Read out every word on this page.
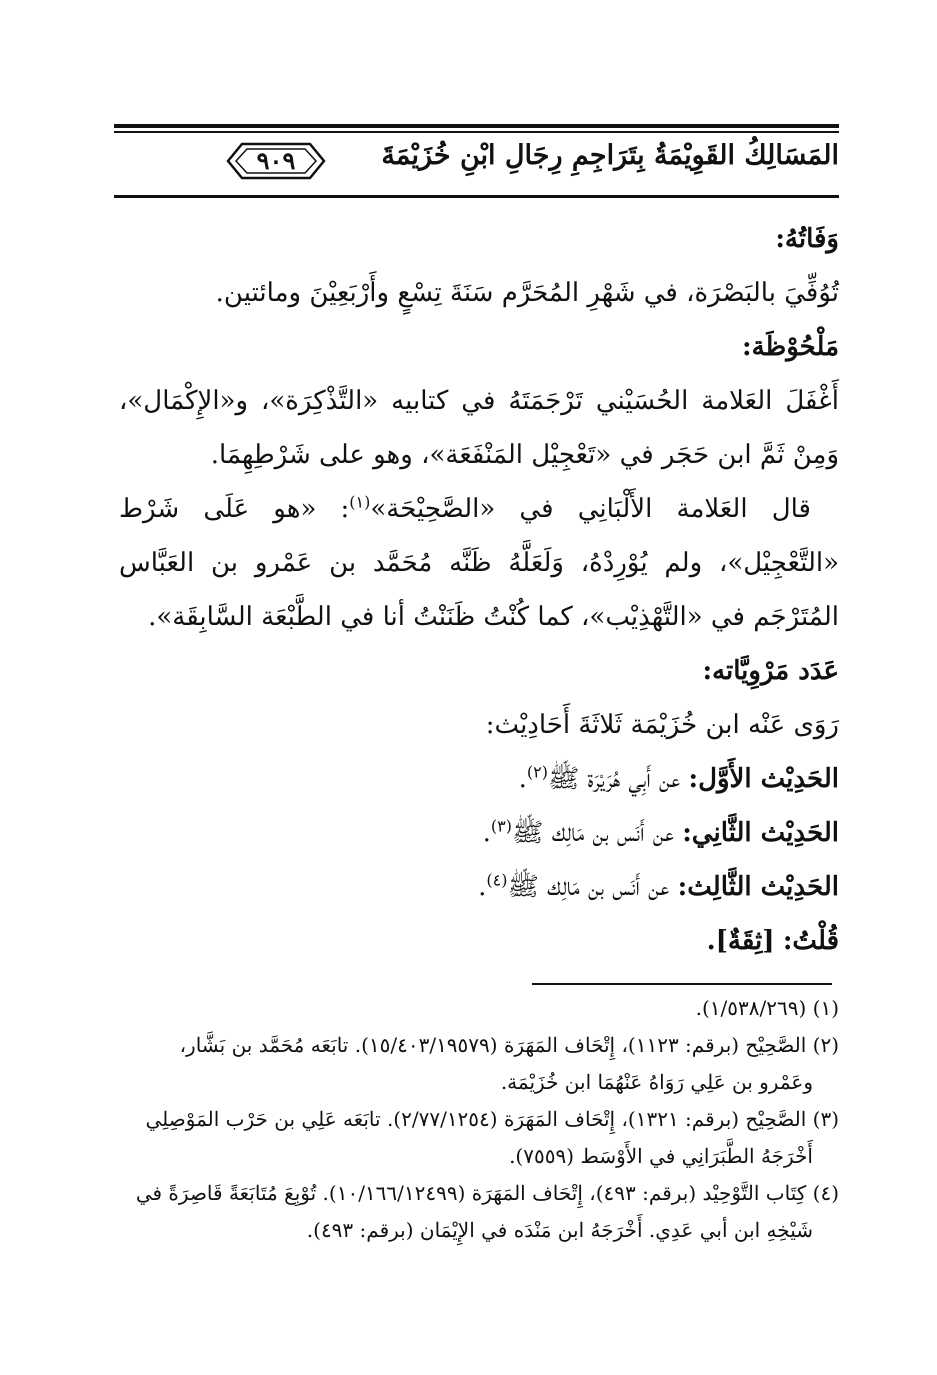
المَسَالِكُ القَوِيْمَةُ بِتَرَاجِمِ رِجَالِ ابْنِ خُزَيْمَةَ
٩٠٩

وَفَاتُهُ:

تُوُفِّيَ بالبَصْرَة، في شَهْرِ المُحَرَّم سَنَةَ تِسْعٍ وأَرْبَعِيْنَ ومائتين.

مَلْحُوْظَة:

أَغْفَلَ العَلامة الحُسَيْني تَرْجَمَتَهُ في كتابيه «التَّذْكِرَة»، و«الإِكْمَال»، وَمِنْ ثَمَّ ابن حَجَر في «تَعْجِيْل المَنْفَعَة»، وهو على شَرْطِهِمَا.

قال العَلامة الأَلْبَانِي في «الصَّحِيْحَة»$^{(١)}$: «هو عَلَى شَرْط «التَّعْجِيْل»، ولم يُوْرِدْهُ، وَلَعَلَّهُ ظَنَّه مُحَمَّد بن عَمْرو بن العَبَّاس المُتَرْجَم في «التَّهْذِيْب»، كما كُنْتُ ظَنَنْتُ أنا في الطَّبْعَة السَّابِقَة».

عَدَد مَرْوِيَّاته:

رَوَى عَنْه ابن خُزَيْمَة ثَلاثَةَ أَحَادِيْث:

الحَدِيْث الأَوَّل: عن أَبِي هُرَيْرَة ﷺ$^{(٢)}$.

الحَدِيْث الثَّانِي: عن أَنَس بن مَالِك ﷺ$^{(٣)}$.

الحَدِيْث الثَّالِث: عن أَنَس بن مَالِك ﷺ$^{(٤)}$.

قُلْتُ: [ثِقَةٌ].

(١) (١/٥٣٨/٢٦٩).

(٢) الصَّحِيْح (برقم: ١١٢٣)، إِتْحَاف المَهَرَة (١٥/٤٠٣/١٩٥٧٩). تابَعَه مُحَمَّد بن بَشَّار،

وعَمْرو بن عَلِي رَوَاهُ عَنْهُمَا ابن خُزَيْمَة.

(٣) الصَّحِيْح (برقم: ١٣٢١)، إِتْحَاف المَهَرَة (٢/٧٧/١٢٥٤). تابَعَه عَلِي بن حَرْب المَوْصِلِي

أَخْرَجَهُ الطَّبَرَانِي في الأَوْسَط (٧٥٥٩).

(٤) كِتَاب التَّوْحِيْد (برقم: ٤٩٣)، إِتْحَاف المَهَرَة (١٠/١٦٦/١٢٤٩٩). تُوْبِعَ مُتَابَعَةً قَاصِرَةً في

شَيْخِهِ ابن أبي عَدِي. أَخْرَجَهُ ابن مَنْدَه في الإِيْمَان (برقم: ٤٩٣).
